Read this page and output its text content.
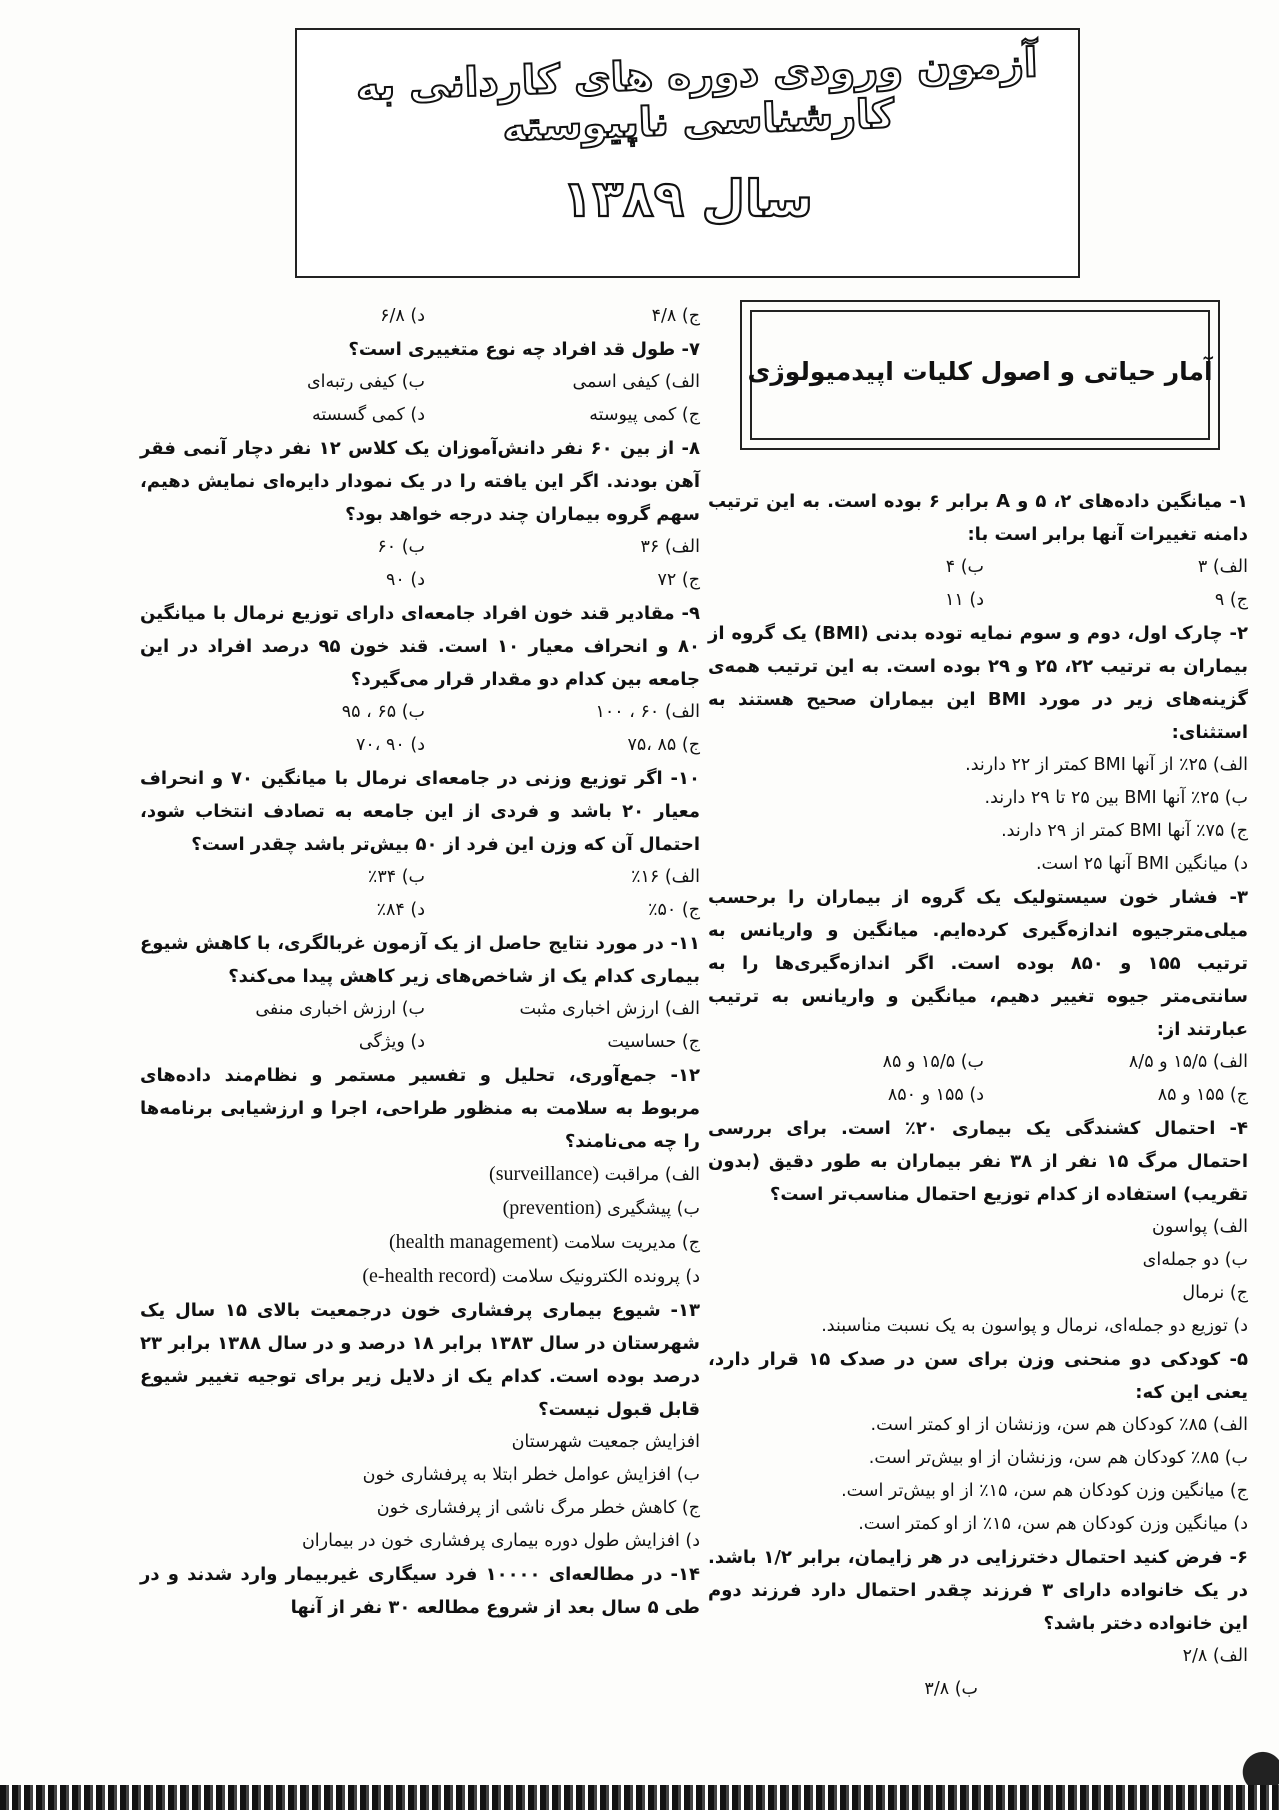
آزمون ورودی دوره های کاردانی به کارشناسی ناپیوسته
سال ۱۳۸۹
آمار حیاتی و اصول کلیات اپیدمیولوژی
۱- میانگین داده‌های ۲، ۵ و A برابر ۶ بوده است. به این ترتیب دامنه تغییرات آنها برابر است با:
الف) ۳
ب) ۴
ج) ۹
د) ۱۱
۲- چارک اول، دوم و سوم نمایه توده بدنی (BMI) یک گروه از بیماران به ترتیب ۲۲، ۲۵ و ۲۹ بوده است. به این ترتیب همه‌ی گزینه‌های زیر در مورد BMI این بیماران صحیح هستند به استثنای:
الف) ۲۵٪ از آنها BMI کمتر از ۲۲ دارند.
ب) ۲۵٪ آنها BMI بین ۲۵ تا ۲۹ دارند.
ج) ۷۵٪ آنها BMI کمتر از ۲۹ دارند.
د) میانگین BMI آنها ۲۵ است.
۳- فشار خون سیستولیک یک گروه از بیماران را برحسب میلی‌مترجیوه اندازه‌گیری کرده‌ایم. میانگین و واریانس به ترتیب ۱۵۵ و ۸۵۰ بوده است. اگر اندازه‌گیری‌ها را به سانتی‌متر جیوه تغییر دهیم، میانگین و واریانس به ترتیب عبارتند از:
الف) ۱۵/۵ و ۸/۵
ب) ۱۵/۵ و ۸۵
ج) ۱۵۵ و ۸۵
د) ۱۵۵ و ۸۵۰
۴- احتمال کشندگی یک بیماری ۲۰٪ است. برای بررسی احتمال مرگ ۱۵ نفر از ۳۸ نفر بیماران به طور دقیق (بدون تقریب) استفاده از کدام توزیع احتمال مناسب‌تر است؟
الف) پواسون
ب) دو جمله‌ای
ج) نرمال
د) توزیع دو جمله‌ای، نرمال و پواسون به یک نسبت مناسبند.
۵- کودکی دو منحنی وزن برای سن در صدک ۱۵ قرار دارد، یعنی این که:
الف) ۸۵٪ کودکان هم سن، وزنشان از او کمتر است.
ب) ۸۵٪ کودکان هم سن، وزنشان از او بیش‌تر است.
ج) میانگین وزن کودکان هم سن، ۱۵٪ از او بیش‌تر است.
د) میانگین وزن کودکان هم سن، ۱۵٪ از او کمتر است.
۶- فرض کنید احتمال دخترزایی در هر زایمان، برابر ۱/۲ باشد. در یک خانواده دارای ۳ فرزند چقدر احتمال دارد فرزند دوم این خانواده دختر باشد؟
الف) ۲/۸
ب) ۳/۸
ج) ۴/۸
د) ۶/۸
۷- طول قد افراد چه نوع متغییری است؟
الف) کیفی اسمی
ب) کیفی رتبه‌ای
ج) کمی پیوسته
د) کمی گسسته
۸- از بین ۶۰ نفر دانش‌آموزان یک کلاس ۱۲ نفر دچار آنمی فقر آهن بودند. اگر این یافته را در یک نمودار دایره‌ای نمایش دهیم، سهم گروه بیماران چند درجه خواهد بود؟
الف) ۳۶
ب) ۶۰
ج) ۷۲
د) ۹۰
۹- مقادیر قند خون افراد جامعه‌ای دارای توزیع نرمال با میانگین ۸۰ و انحراف معیار ۱۰ است. قند خون ۹۵ درصد افراد در این جامعه بین کدام دو مقدار قرار می‌گیرد؟
الف) ۶۰ ، ۱۰۰
ب) ۶۵ ، ۹۵
ج) ۸۵ ،۷۵
د) ۹۰ ،۷۰
۱۰- اگر توزیع وزنی در جامعه‌ای نرمال با میانگین ۷۰ و انحراف معیار ۲۰ باشد و فردی از این جامعه به تصادف انتخاب شود، احتمال آن که وزن این فرد از ۵۰ بیش‌تر باشد چقدر است؟
الف) ۱۶٪
ب) ۳۴٪
ج) ۵۰٪
د) ۸۴٪
۱۱- در مورد نتایج حاصل از یک آزمون غربالگری، با کاهش شیوع بیماری کدام یک از شاخص‌های زیر کاهش پیدا می‌کند؟
الف) ارزش اخباری مثبت
ب) ارزش اخباری منفی
ج) حساسیت
د) ویژگی
۱۲- جمع‌آوری، تحلیل و تفسیر مستمر و نظام‌مند داده‌های مربوط به سلامت به منظور طراحی، اجرا و ارزشیابی برنامه‌ها را چه می‌نامند؟
الف) مراقبت (surveillance)
ب) پیشگیری (prevention)
ج) مدیریت سلامت (health management)
د) پرونده الکترونیک سلامت (e-health record)
۱۳- شیوع بیماری پرفشاری خون درجمعیت بالای ۱۵ سال یک شهرستان در سال ۱۳۸۳ برابر ۱۸ درصد و در سال ۱۳۸۸ برابر ۲۳ درصد بوده است. کدام یک از دلایل زیر برای توجیه تغییر شیوع قابل قبول نیست؟
افزایش جمعیت شهرستان
ب) افزایش عوامل خطر ابتلا به پرفشاری خون
ج) کاهش خطر مرگ ناشی از پرفشاری خون
د) افزایش طول دوره بیماری پرفشاری خون در بیماران
۱۴- در مطالعه‌ای ۱۰۰۰۰ فرد سیگاری غیربیمار وارد شدند و در طی ۵ سال بعد از شروع مطالعه ۳۰ نفر از آنها
